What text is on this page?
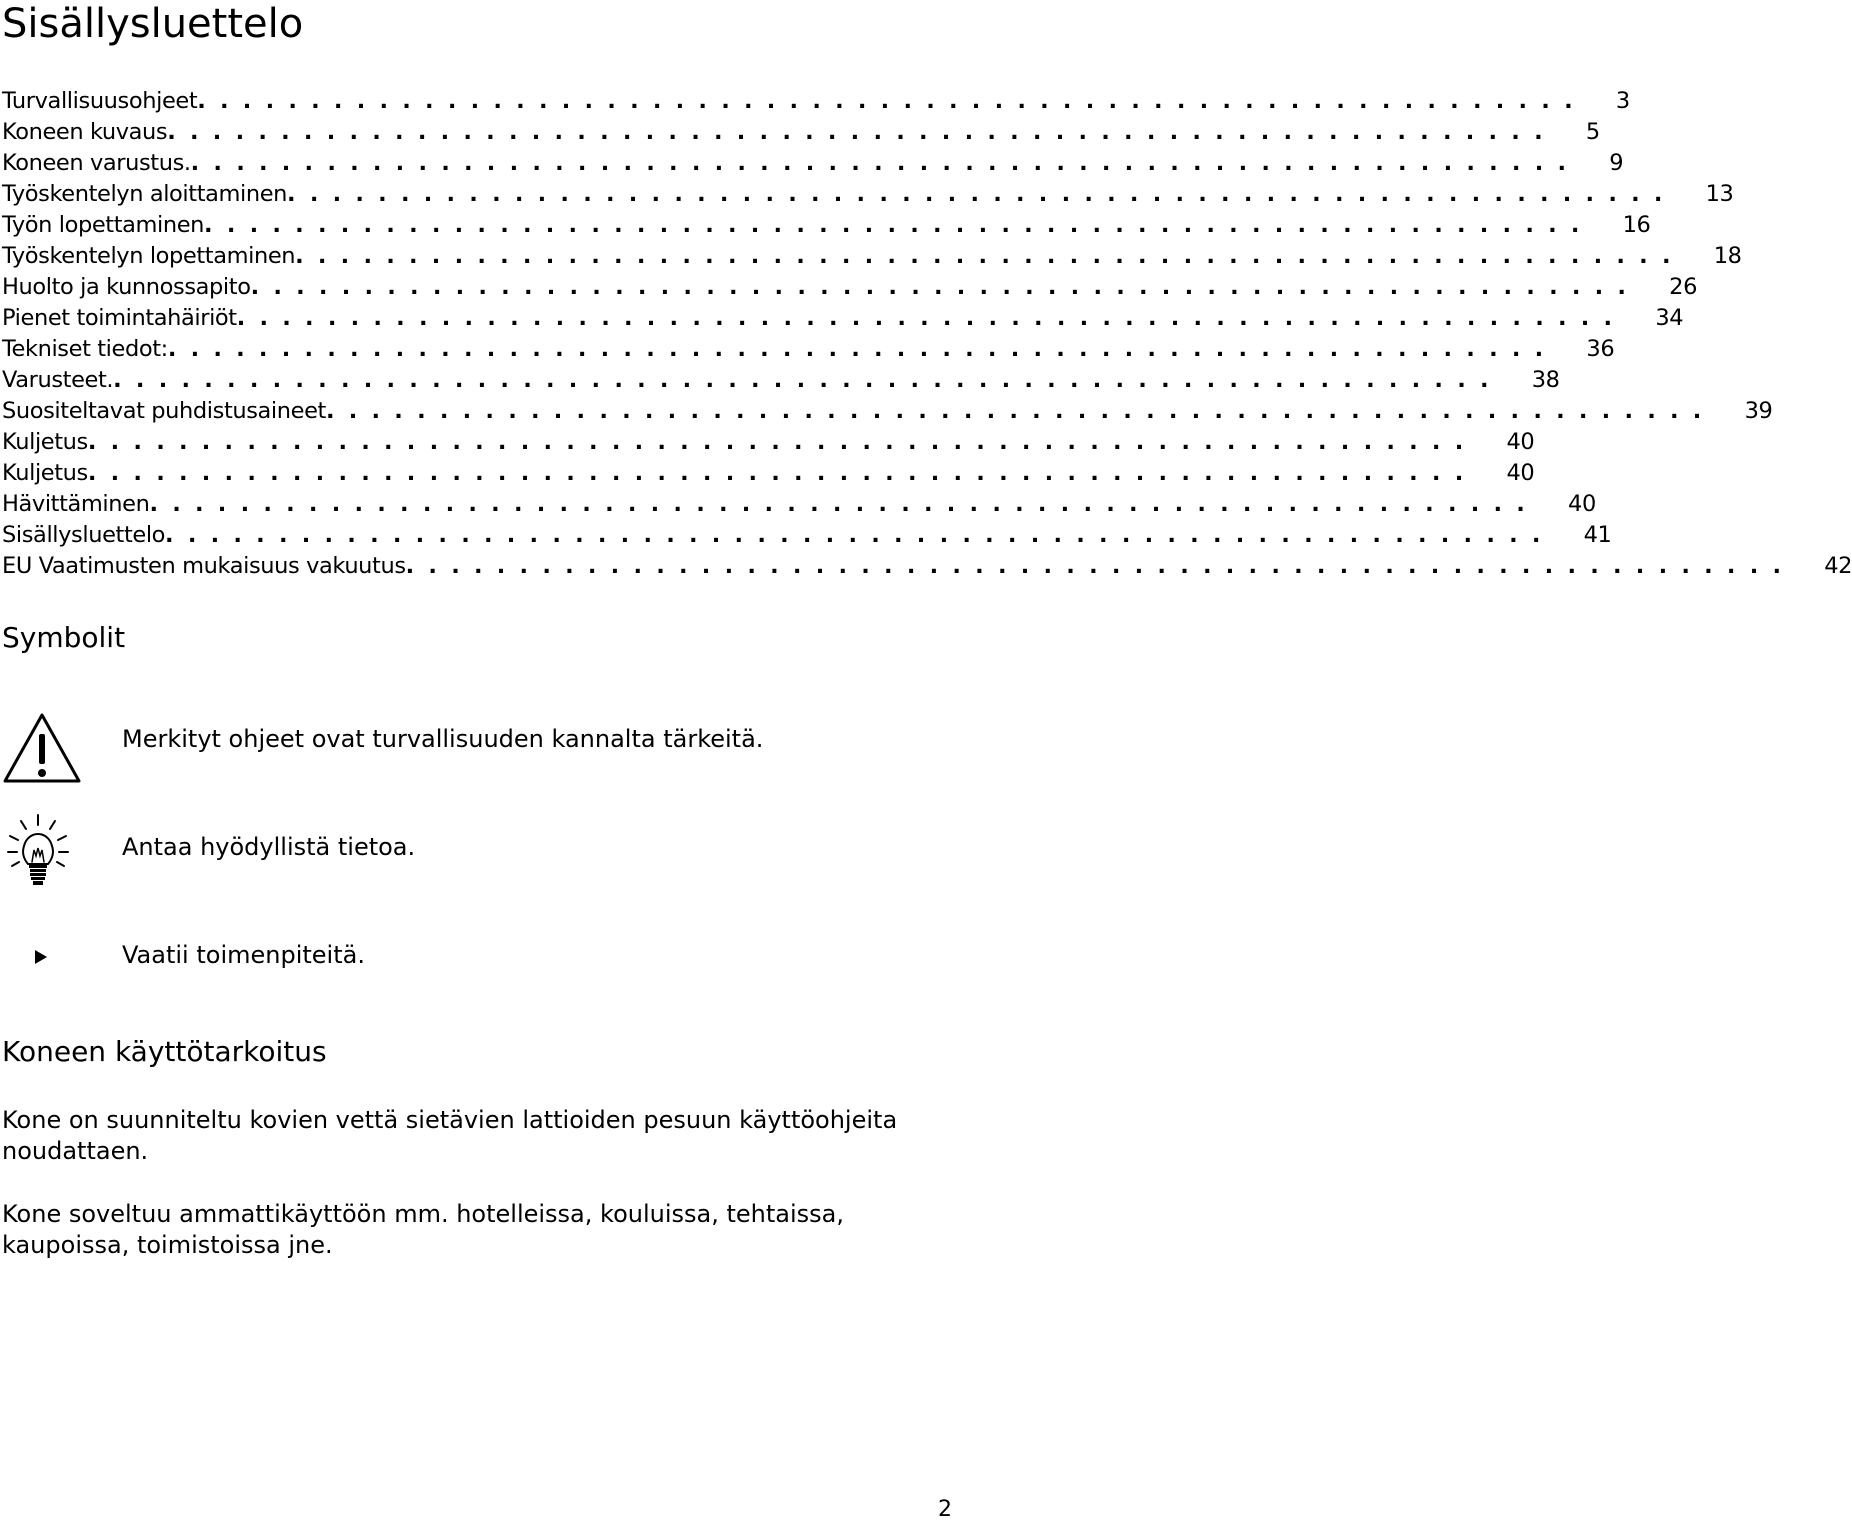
Sisällysluettelo
Turvallisuusohjeet . . . . . . . . . . . . . . . . . . . . . . . . . . . . . . . . . . . . . . . . . . . . . . . . . . . . . . . . . . . . . 3
Koneen kuvaus . . . . . . . . . . . . . . . . . . . . . . . . . . . . . . . . . . . . . . . . . . . . . . . . . . . . . . . . . . . . . 5
Koneen varustus. . . . . . . . . . . . . . . . . . . . . . . . . . . . . . . . . . . . . . . . . . . . . . . . . . . . . . . . . . . . . . 9
Työskentelyn aloittaminen . . . . . . . . . . . . . . . . . . . . . . . . . . . . . . . . . . . . . . . . . . . . . . . . . . . . . . . . . . . . . 13
Työn lopettaminen . . . . . . . . . . . . . . . . . . . . . . . . . . . . . . . . . . . . . . . . . . . . . . . . . . . . . . . . . . . . . 16
Työskentelyn lopettaminen . . . . . . . . . . . . . . . . . . . . . . . . . . . . . . . . . . . . . . . . . . . . . . . . . . . . . . . . . . . . . 18
Huolto ja kunnossapito . . . . . . . . . . . . . . . . . . . . . . . . . . . . . . . . . . . . . . . . . . . . . . . . . . . . . . . . . . . . . 26
Pienet toimintahäiriöt . . . . . . . . . . . . . . . . . . . . . . . . . . . . . . . . . . . . . . . . . . . . . . . . . . . . . . . . . . . . . 34
Tekniset tiedot: . . . . . . . . . . . . . . . . . . . . . . . . . . . . . . . . . . . . . . . . . . . . . . . . . . . . . . . . . . . . . 36
Varusteet. . . . . . . . . . . . . . . . . . . . . . . . . . . . . . . . . . . . . . . . . . . . . . . . . . . . . . . . . . . . . . 38
Suositeltavat puhdistusaineet . . . . . . . . . . . . . . . . . . . . . . . . . . . . . . . . . . . . . . . . . . . . . . . . . . . . . . . . . . . . . 39
Kuljetus . . . . . . . . . . . . . . . . . . . . . . . . . . . . . . . . . . . . . . . . . . . . . . . . . . . . . . . . . . . . . 40
Kuljetus . . . . . . . . . . . . . . . . . . . . . . . . . . . . . . . . . . . . . . . . . . . . . . . . . . . . . . . . . . . . . 40
Hävittäminen . . . . . . . . . . . . . . . . . . . . . . . . . . . . . . . . . . . . . . . . . . . . . . . . . . . . . . . . . . . . . 40
Sisällysluettelo . . . . . . . . . . . . . . . . . . . . . . . . . . . . . . . . . . . . . . . . . . . . . . . . . . . . . . . . . . . . . 41
EU Vaatimusten mukaisuus vakuutus . . . . . . . . . . . . . . . . . . . . . . . . . . . . . . . . . . . . . . . . . . . . . . . . . . . . . . . . . . . . . 42
Symbolit
Merkityt ohjeet ovat turvallisuuden kannalta tärkeitä.
Antaa hyödyllistä tietoa.
Vaatii toimenpiteitä.
Koneen käyttötarkoitus

Kone on suunniteltu kovien vettä sietävien lattioiden pesuun käyttöohjeita noudattaen.

Kone soveltuu ammattikäyttöön mm. hotelleissa, kouluissa, tehtaissa, kaupoissa, toimistoissa jne.

2
